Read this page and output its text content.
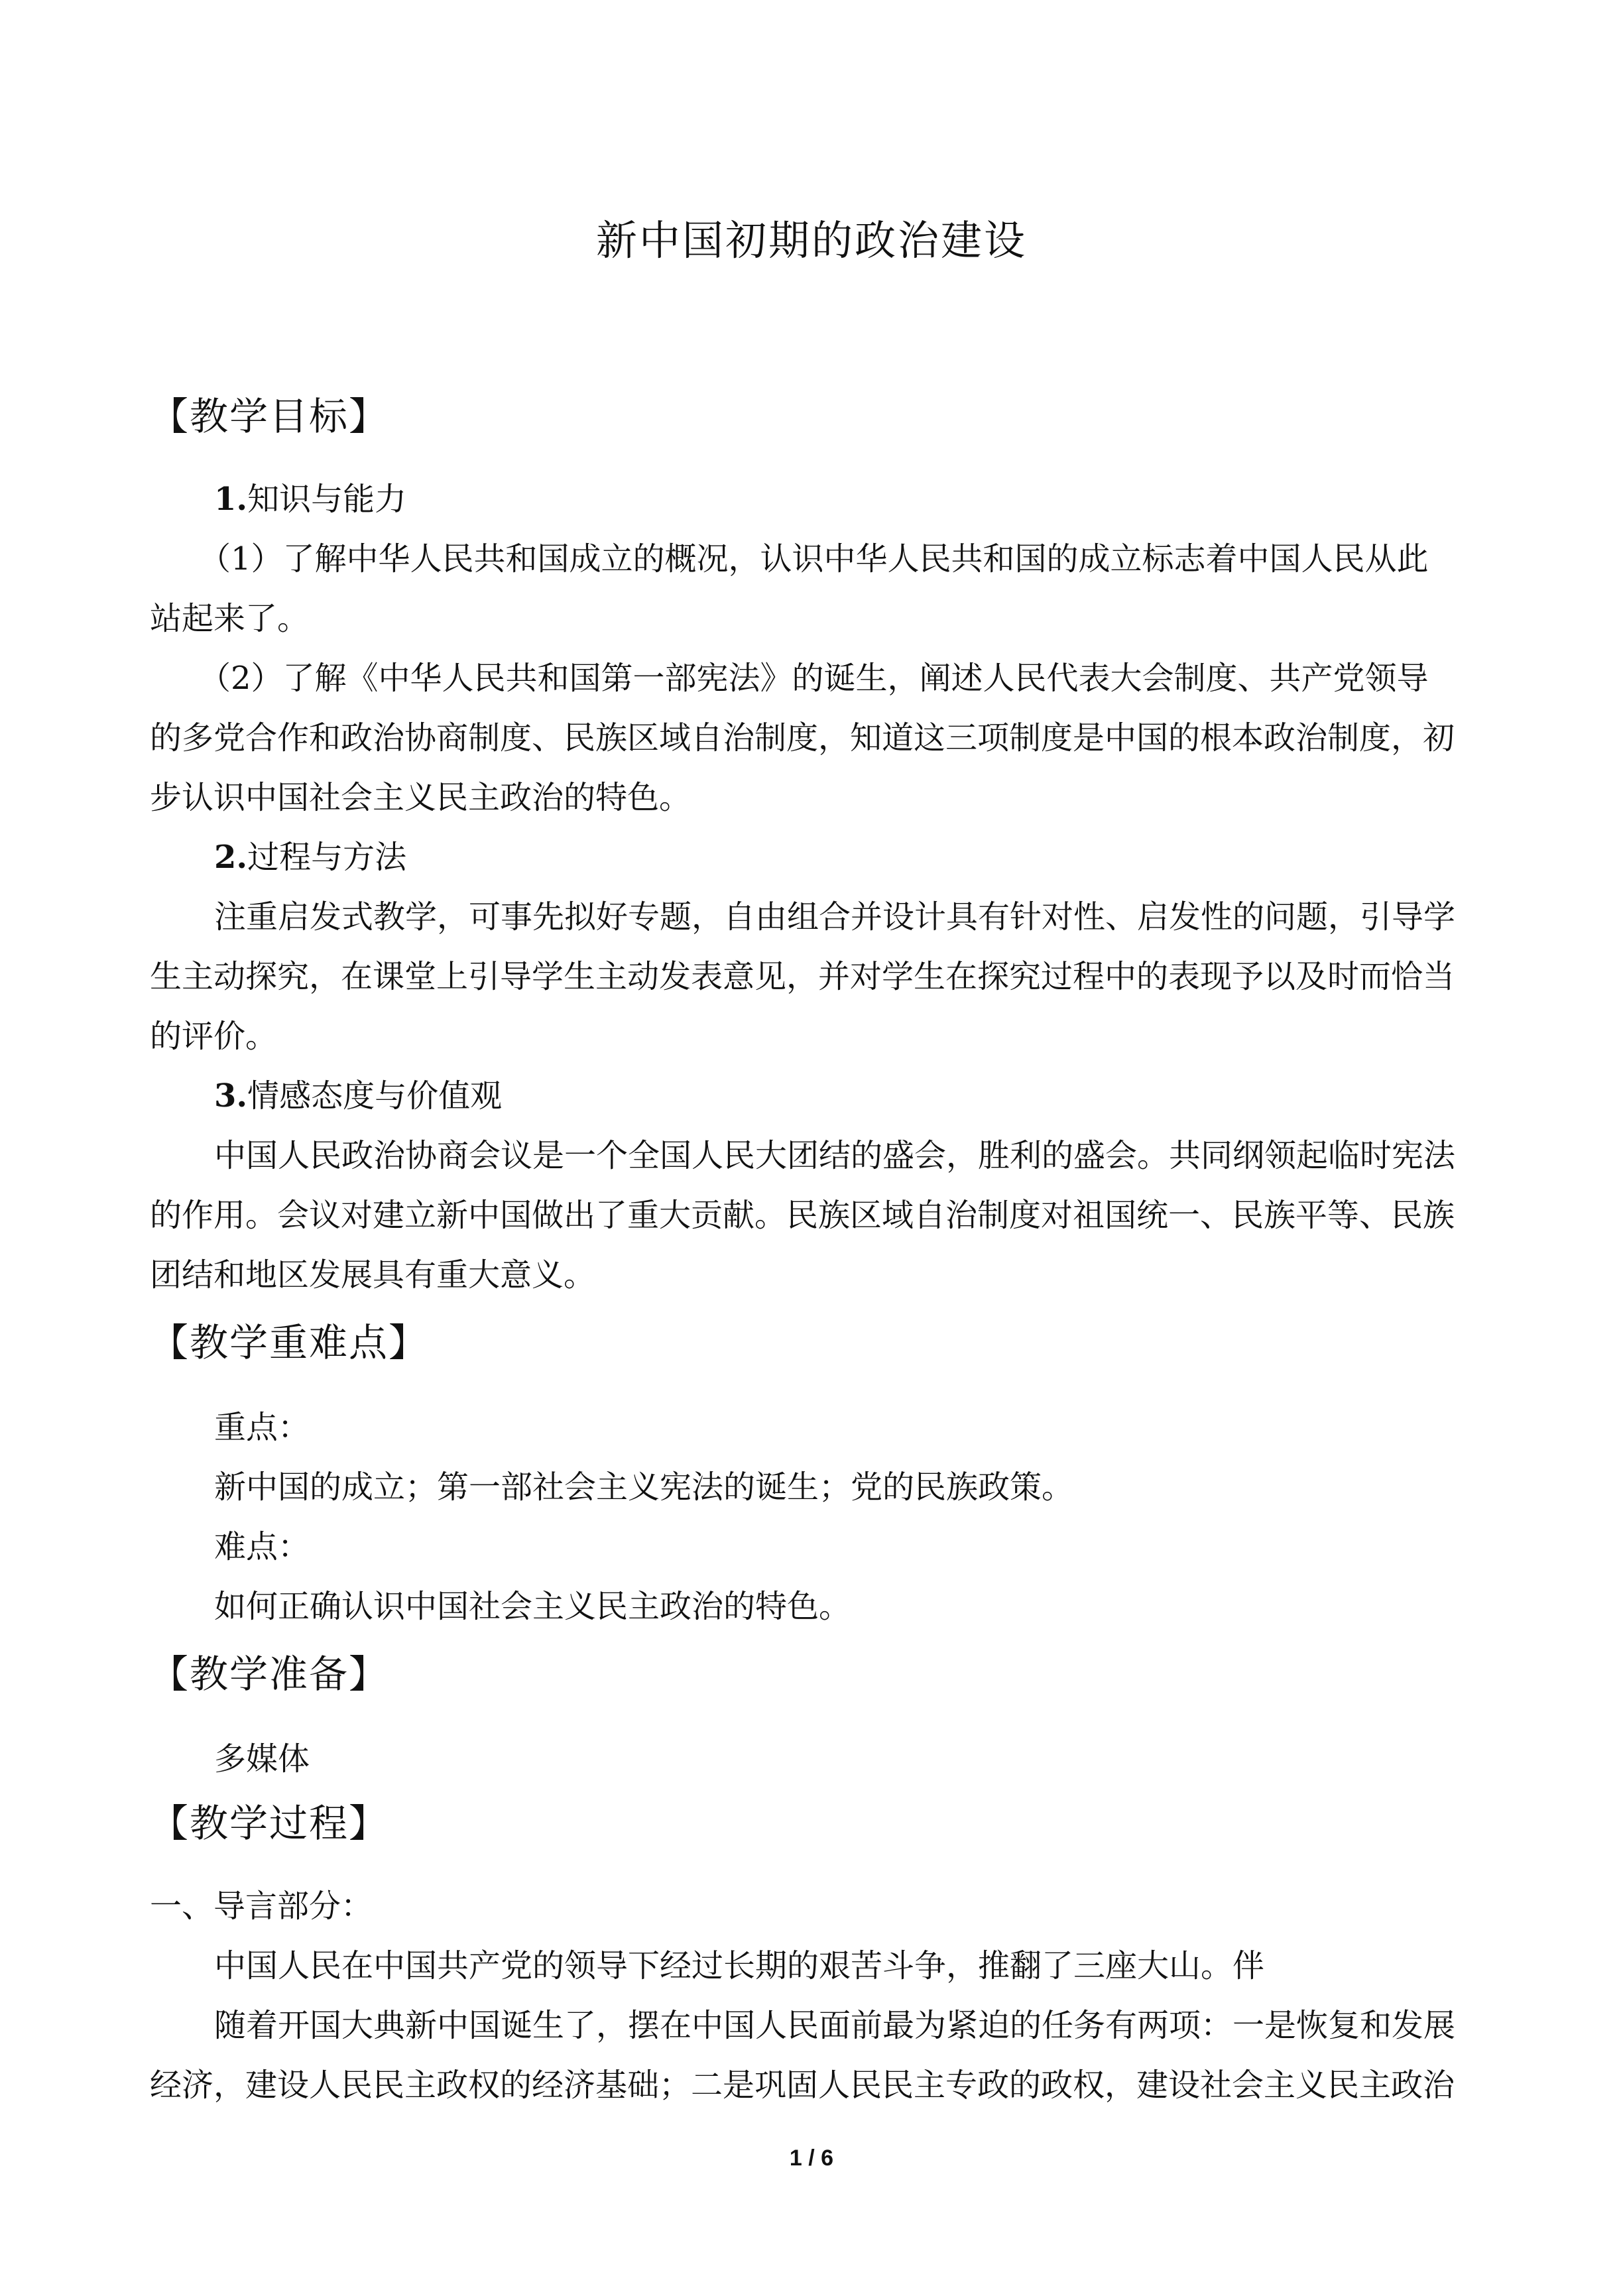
新中国初期的政治建设
【教学目标】
1.知识与能力
（1）了解中华人民共和国成立的概况，认识中华人民共和国的成立标志着中国人民从此
站起来了。
（2）了解《中华人民共和国第一部宪法》的诞生，阐述人民代表大会制度、共产党领导
的多党合作和政治协商制度、民族区域自治制度，知道这三项制度是中国的根本政治制度，初
步认识中国社会主义民主政治的特色。
2.过程与方法
注重启发式教学，可事先拟好专题，自由组合并设计具有针对性、启发性的问题，引导学
生主动探究，在课堂上引导学生主动发表意见，并对学生在探究过程中的表现予以及时而恰当
的评价。
3.情感态度与价值观
中国人民政治协商会议是一个全国人民大团结的盛会，胜利的盛会。共同纲领起临时宪法
的作用。会议对建立新中国做出了重大贡献。民族区域自治制度对祖国统一、民族平等、民族
团结和地区发展具有重大意义。
【教学重难点】
重点：
新中国的成立；第一部社会主义宪法的诞生；党的民族政策。
难点：
如何正确认识中国社会主义民主政治的特色。
【教学准备】
多媒体
【教学过程】
一、导言部分：
中国人民在中国共产党的领导下经过长期的艰苦斗争，推翻了三座大山。伴
随着开国大典新中国诞生了，摆在中国人民面前最为紧迫的任务有两项：一是恢复和发展
经济，建设人民民主政权的经济基础；二是巩固人民民主专政的政权，建设社会主义民主政治
1 / 6
